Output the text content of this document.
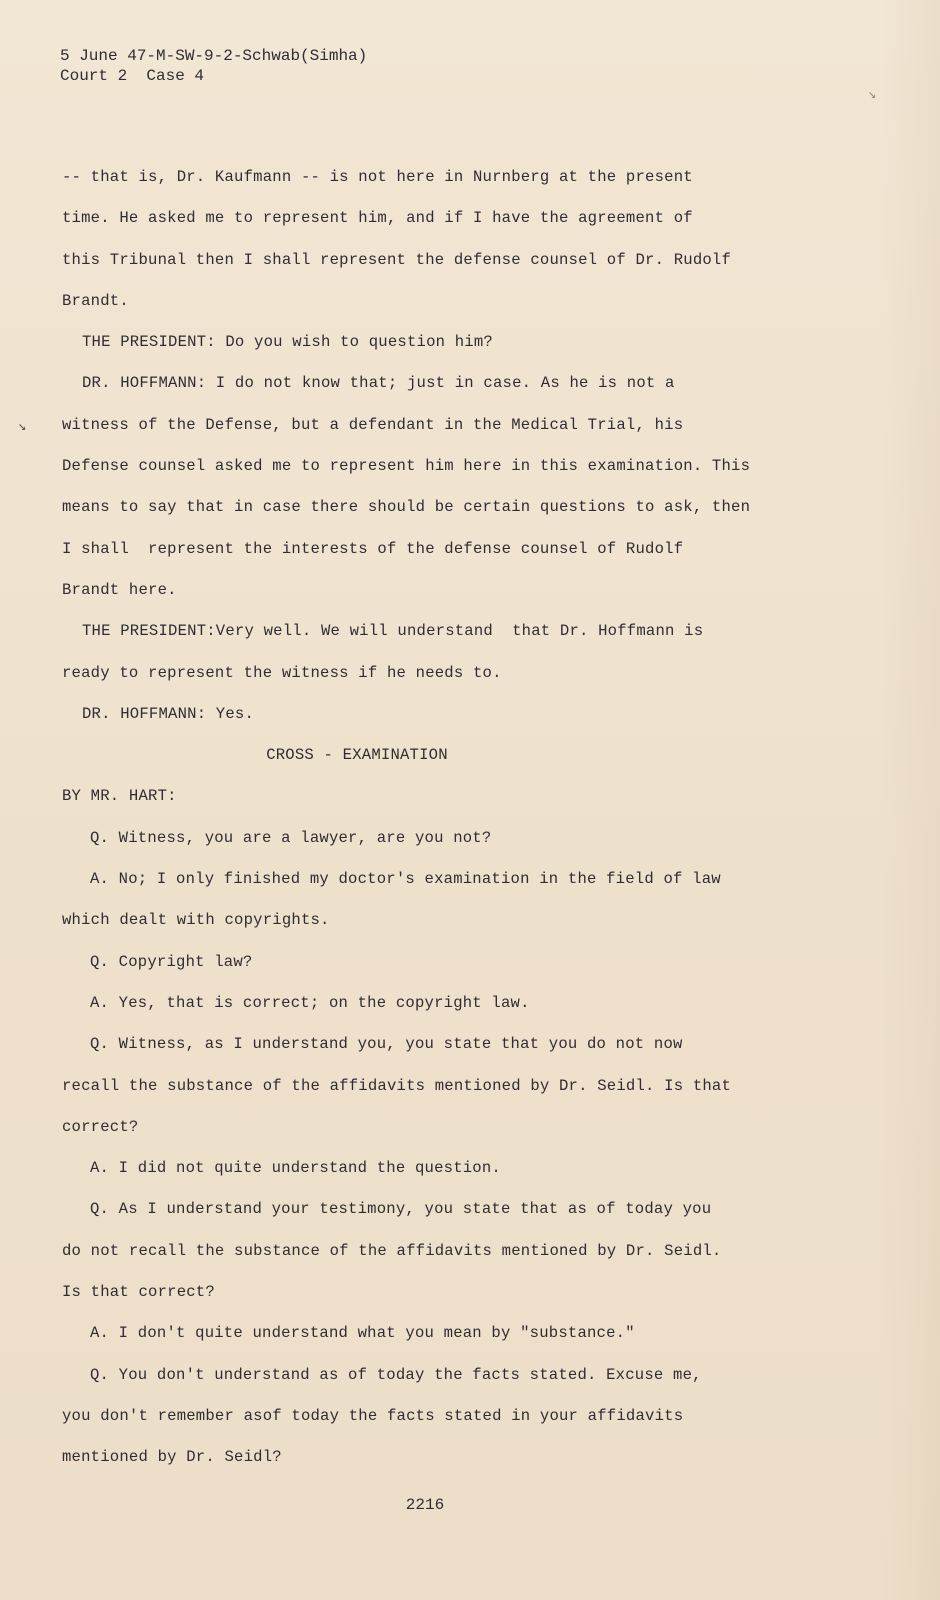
5 June 47-M-SW-9-2-Schwab(Simha)
Court 2  Case 4
-- that is, Dr. Kaufmann -- is not here in Nurnberg at the present
time. He asked me to represent him, and if I have the agreement of
this Tribunal then I shall represent the defense counsel of Dr. Rudolf
Brandt.
THE PRESIDENT: Do you wish to question him?
DR. HOFFMANN: I do not know that; just in case. As he is not a
witness of the Defense, but a defendant in the Medical Trial, his
Defense counsel asked me to represent him here in this examination. This
means to say that in case there should be certain questions to ask, then
I shall  represent the interests of the defense counsel of Rudolf
Brandt here.
THE PRESIDENT:Very well. We will understand  that Dr. Hoffmann is
ready to represent the witness if he needs to.
DR. HOFFMANN: Yes.
CROSS - EXAMINATION
BY MR. HART:
Q. Witness, you are a lawyer, are you not?
A. No; I only finished my doctor's examination in the field of law
which dealt with copyrights.
Q. Copyright law?
A. Yes, that is correct; on the copyright law.
Q. Witness, as I understand you, you state that you do not now
recall the substance of the affidavits mentioned by Dr. Seidl. Is that
correct?
A. I did not quite understand the question.
Q. As I understand your testimony, you state that as of today you
do not recall the substance of the affidavits mentioned by Dr. Seidl.
Is that correct?
A. I don't quite understand what you mean by "substance."
Q. You don't understand as of today the facts stated. Excuse me,
you don't remember asof today the facts stated in your affidavits
mentioned by Dr. Seidl?
↘
↘
2216
